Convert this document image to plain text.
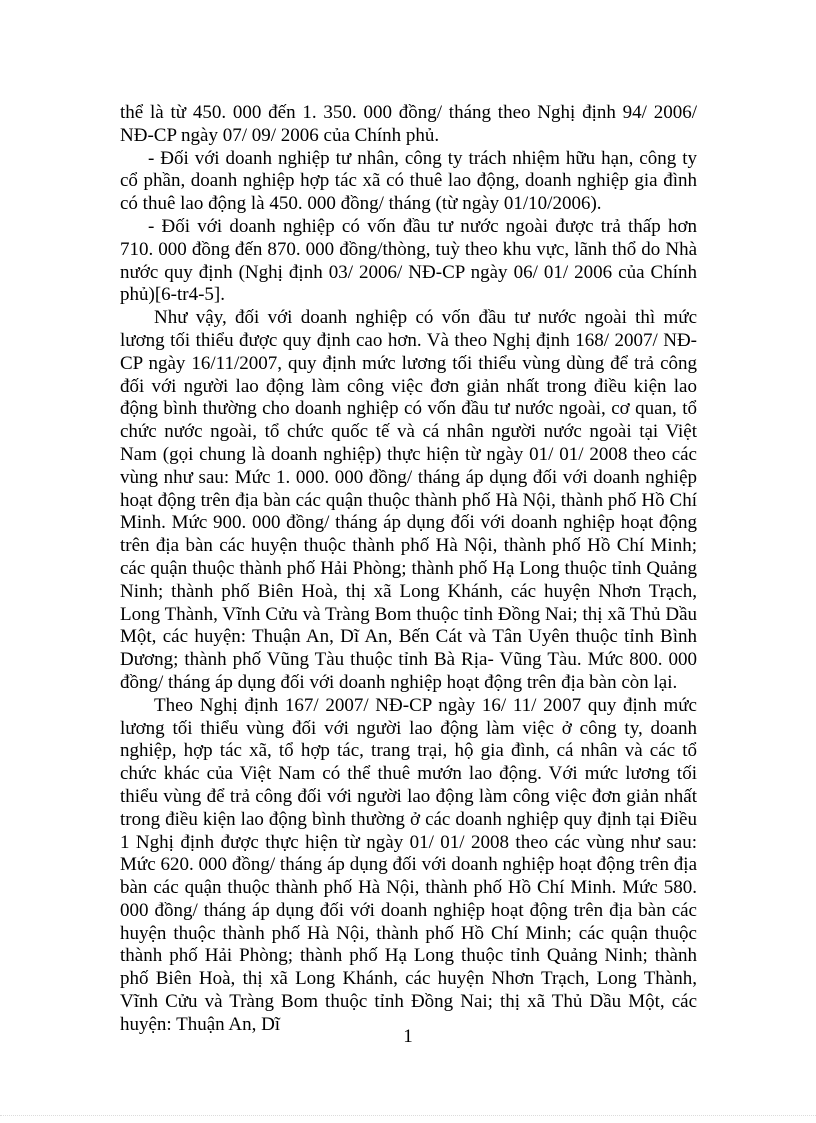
thể là từ 450. 000 đến 1. 350. 000 đồng/ tháng theo Nghị định 94/ 2006/ NĐ-CP ngày 07/ 09/ 2006 của Chính phủ.

- Đối với doanh nghiệp tư nhân, công ty trách nhiệm hữu hạn, công ty cổ phần, doanh nghiệp hợp tác xã có thuê lao động, doanh nghiệp gia đình có thuê lao động là 450. 000 đồng/ tháng (từ ngày 01/10/2006).

- Đối với doanh nghiệp có vốn đầu tư nước ngoài được trả thấp hơn 710. 000 đồng đến 870. 000 đồng/thòng, tuỳ theo khu vực, lãnh thổ do Nhà nước quy định (Nghị định 03/ 2006/ NĐ-CP ngày 06/ 01/ 2006 của Chính phủ)[6-tr4-5].

Như vậy, đối với doanh nghiệp có vốn đầu tư nước ngoài thì mức lương tối thiểu được quy định cao hơn. Và theo Nghị định 168/ 2007/ NĐ-CP ngày 16/11/2007, quy định mức lương tối thiểu vùng dùng để trả công đối với người lao động làm công việc đơn giản nhất trong điều kiện lao động bình thường cho doanh nghiệp có vốn đầu tư nước ngoài, cơ quan, tổ chức nước ngoài, tổ chức quốc tế và cá nhân người nước ngoài tại Việt Nam (gọi chung là doanh nghiệp) thực hiện từ ngày 01/ 01/ 2008 theo các vùng như sau: Mức 1. 000. 000 đồng/ tháng áp dụng đối với doanh nghiệp hoạt động trên địa bàn các quận thuộc thành phố Hà Nội, thành phố Hồ Chí Minh. Mức 900. 000 đồng/ tháng áp dụng đối với doanh nghiệp hoạt động trên địa bàn các huyện thuộc thành phố Hà Nội, thành phố Hồ Chí Minh; các quận thuộc thành phố Hải Phòng; thành phố Hạ Long thuộc tỉnh Quảng Ninh; thành phố Biên Hoà, thị xã Long Khánh, các huyện Nhơn Trạch, Long Thành, Vĩnh Cửu và Tràng Bom thuộc tỉnh Đồng Nai; thị xã Thủ Dầu Một, các huyện: Thuận An, Dĩ An, Bến Cát và Tân Uyên thuộc tỉnh Bình Dương; thành phố Vũng Tàu thuộc tỉnh Bà Rịa- Vũng Tàu. Mức 800. 000 đồng/ tháng áp dụng đối với doanh nghiệp hoạt động trên địa bàn còn lại.

Theo Nghị định 167/ 2007/ NĐ-CP ngày 16/ 11/ 2007 quy định mức lương tối thiểu vùng đối với người lao động làm việc ở công ty, doanh nghiệp, hợp tác xã, tổ hợp tác, trang trại, hộ gia đình, cá nhân và các tổ chức khác của Việt Nam có thể thuê mướn lao động. Với mức lương tối thiểu vùng để trả công đối với người lao động làm công việc đơn giản nhất trong điều kiện lao động bình thường ở các doanh nghiệp quy định tại Điều 1 Nghị định được thực hiện từ ngày 01/ 01/ 2008 theo các vùng như sau: Mức 620. 000 đồng/ tháng áp dụng đối với doanh nghiệp hoạt động trên địa bàn các quận thuộc thành phố Hà Nội, thành phố Hồ Chí Minh. Mức 580. 000 đồng/ tháng áp dụng đối với doanh nghiệp hoạt động trên địa bàn các huyện thuộc thành phố Hà Nội, thành phố Hồ Chí Minh; các quận thuộc thành phố Hải Phòng; thành phố Hạ Long thuộc tỉnh Quảng Ninh; thành phố Biên Hoà, thị xã Long Khánh, các huyện Nhơn Trạch, Long Thành, Vĩnh Cửu và Tràng Bom thuộc tỉnh Đồng Nai; thị xã Thủ Dầu Một, các huyện: Thuận An, Dĩ

1
